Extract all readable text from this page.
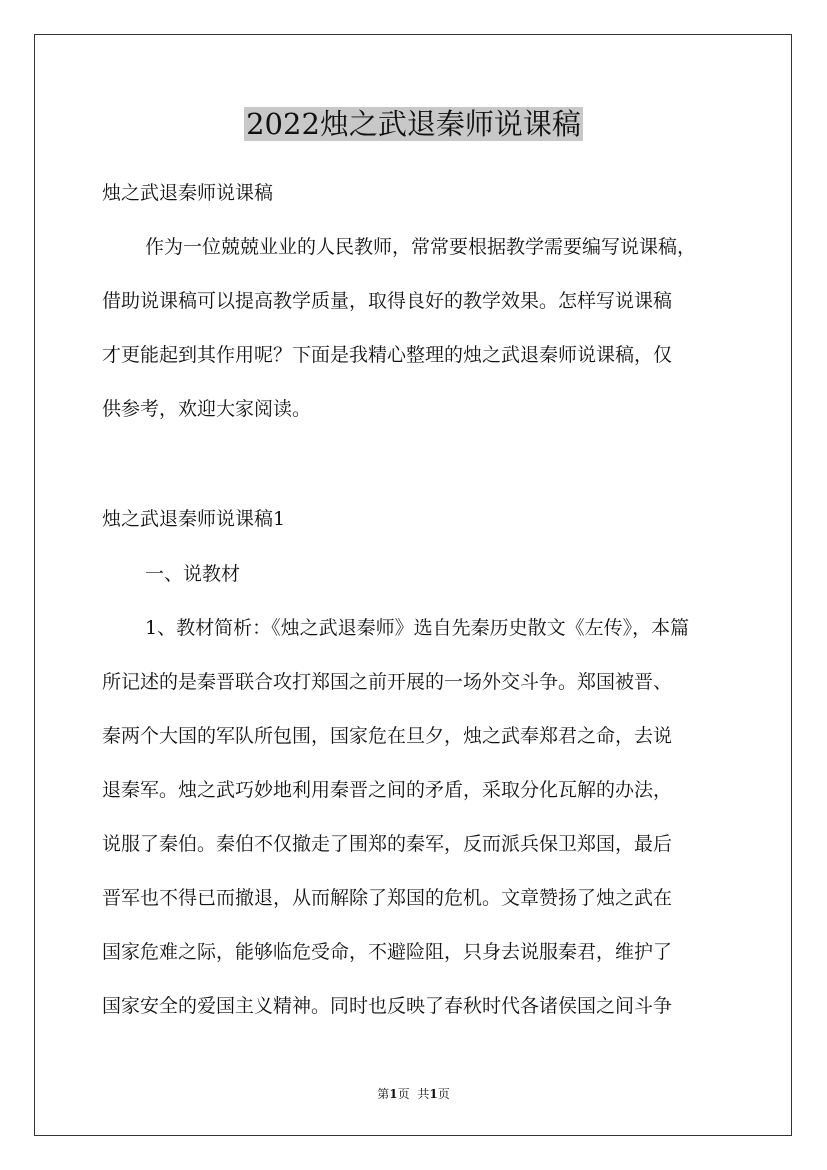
2022烛之武退秦师说课稿

烛之武退秦师说课稿

作为一位兢兢业业的人民教师，常常要根据教学需要编写说课稿，

借助说课稿可以提高教学质量，取得良好的教学效果。怎样写说课稿

才更能起到其作用呢？下面是我精心整理的烛之武退秦师说课稿，仅

供参考，欢迎大家阅读。

烛之武退秦师说课稿1

一、说教材

1、教材简析：《烛之武退秦师》选自先秦历史散文《左传》，本篇

所记述的是秦晋联合攻打郑国之前开展的一场外交斗争。郑国被晋、

秦两个大国的军队所包围，国家危在旦夕，烛之武奉郑君之命，去说

退秦军。烛之武巧妙地利用秦晋之间的矛盾，采取分化瓦解的办法，

说服了秦伯。秦伯不仅撤走了围郑的秦军，反而派兵保卫郑国，最后

晋军也不得已而撤退，从而解除了郑国的危机。文章赞扬了烛之武在

国家危难之际，能够临危受命，不避险阻，只身去说服秦君，维护了

国家安全的爱国主义精神。同时也反映了春秋时代各诸侯国之间斗争

第1页 共1页
